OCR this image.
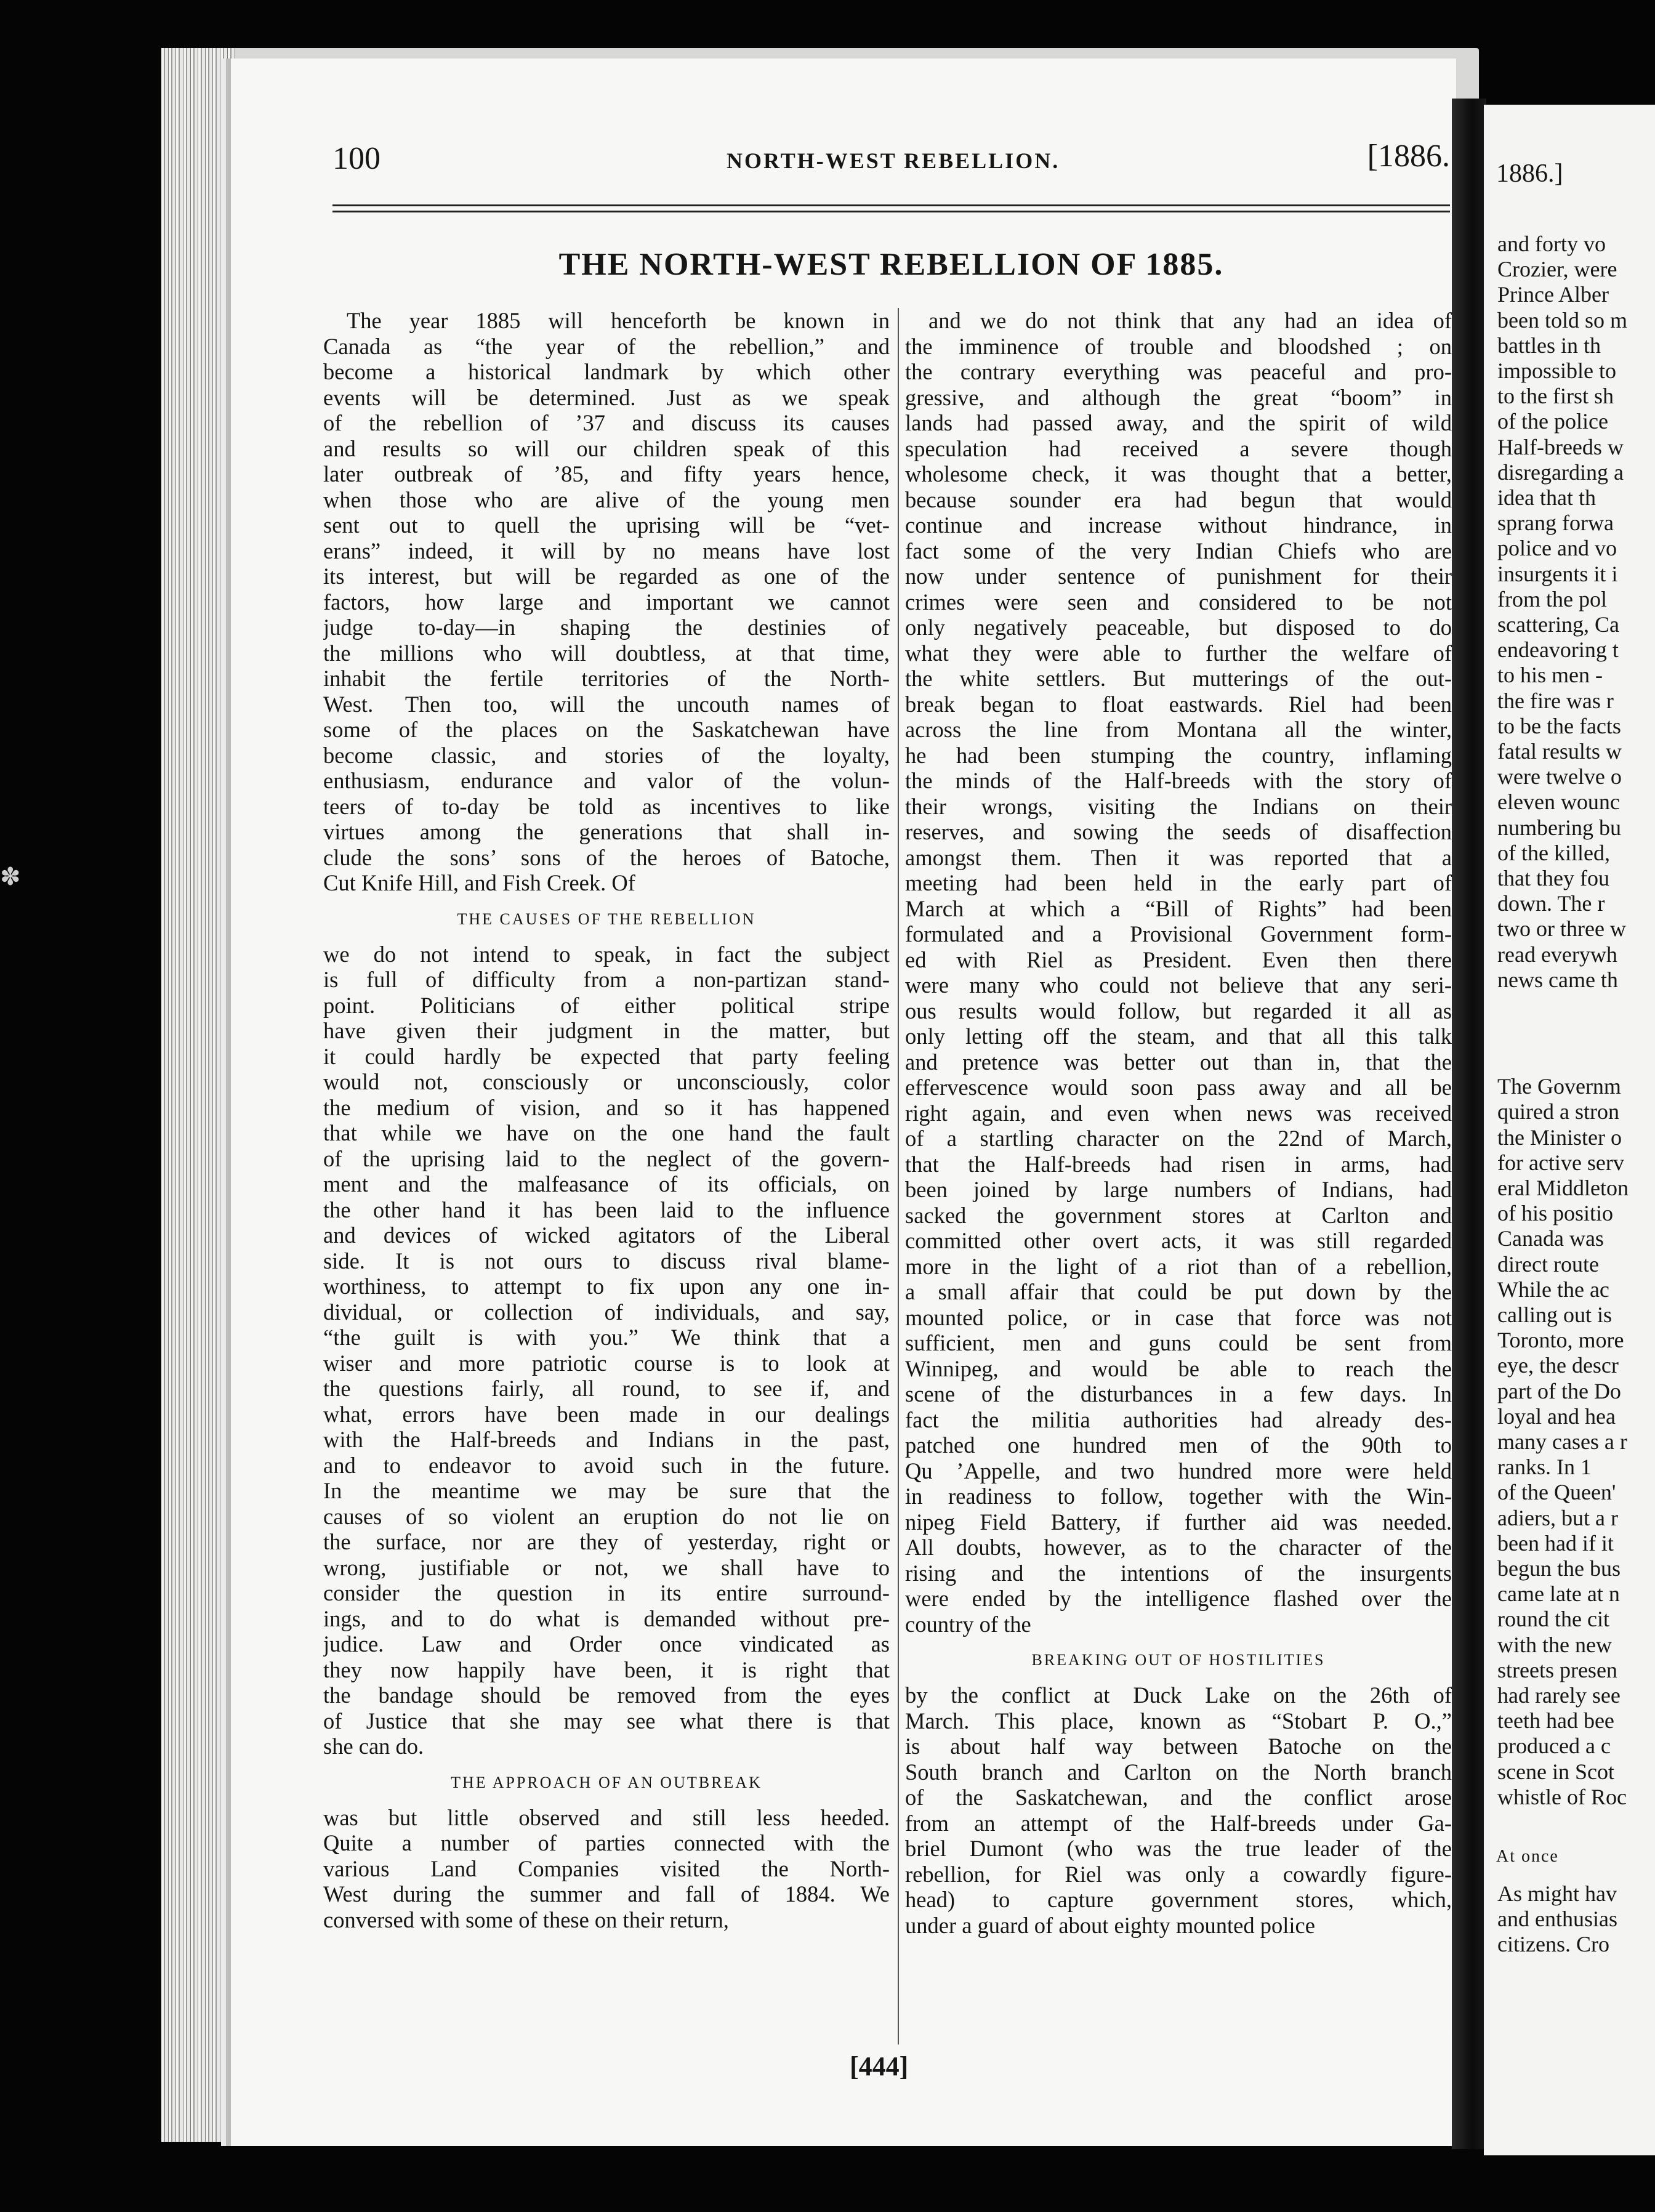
✽
100	NORTH-WEST REBELLION.	[1886.
THE NORTH-WEST REBELLION OF 1885.
The year 1885 will henceforth be known in
Canada as “the year of the rebellion,” and
become a historical landmark by which other
events will be determined. Just as we speak
of the rebellion of ’37 and discuss its causes
and results so will our children speak of this
later outbreak of ’85, and fifty years hence,
when those who are alive of the young men
sent out to quell the uprising will be “vet-
erans” indeed, it will by no means have lost
its interest, but will be regarded as one of the
factors, how large and important we cannot
judge to-day—in shaping the destinies of
the millions who will doubtless, at that time,
inhabit the fertile territories of the North-
West. Then too, will the uncouth names of
some of the places on the Saskatchewan have
become classic, and stories of the loyalty,
enthusiasm, endurance and valor of the volun-
teers of to-day be told as incentives to like
virtues among the generations that shall in-
clude the sons’ sons of the heroes of Batoche,
Cut Knife Hill, and Fish Creek. Of
THE CAUSES OF THE REBELLION
we do not intend to speak, in fact the subject
is full of difficulty from a non-partizan stand-
point. Politicians of either political stripe
have given their judgment in the matter, but
it could hardly be expected that party feeling
would not, consciously or unconsciously, color
the medium of vision, and so it has happened
that while we have on the one hand the fault
of the uprising laid to the neglect of the govern-
ment and the malfeasance of its officials, on
the other hand it has been laid to the influence
and devices of wicked agitators of the Liberal
side. It is not ours to discuss rival blame-
worthiness, to attempt to fix upon any one in-
dividual, or collection of individuals, and say,
“the guilt is with you.” We think that a
wiser and more patriotic course is to look at
the questions fairly, all round, to see if, and
what, errors have been made in our dealings
with the Half-breeds and Indians in the past,
and to endeavor to avoid such in the future.
In the meantime we may be sure that the
causes of so violent an eruption do not lie on
the surface, nor are they of yesterday, right or
wrong, justifiable or not, we shall have to
consider the question in its entire surround-
ings, and to do what is demanded without pre-
judice. Law and Order once vindicated as
they now happily have been, it is right that
the bandage should be removed from the eyes
of Justice that she may see what there is that
she can do.
THE APPROACH OF AN OUTBREAK
was but little observed and still less heeded.
Quite a number of parties connected with the
various Land Companies visited the North-
West during the summer and fall of 1884. We
conversed with some of these on their return,
and we do not think that any had an idea of
the imminence of trouble and bloodshed ; on
the contrary everything was peaceful and pro-
gressive, and although the great “boom” in
lands had passed away, and the spirit of wild
speculation had received a severe though
wholesome check, it was thought that a better,
because sounder era had begun that would
continue and increase without hindrance, in
fact some of the very Indian Chiefs who are
now under sentence of punishment for their
crimes were seen and considered to be not
only negatively peaceable, but disposed to do
what they were able to further the welfare of
the white settlers. But mutterings of the out-
break began to float eastwards. Riel had been
across the line from Montana all the winter,
he had been stumping the country, inflaming
the minds of the Half-breeds with the story of
their wrongs, visiting the Indians on their
reserves, and sowing the seeds of disaffection
amongst them. Then it was reported that a
meeting had been held in the early part of
March at which a “Bill of Rights” had been
formulated and a Provisional Government form-
ed with Riel as President. Even then there
were many who could not believe that any seri-
ous results would follow, but regarded it all as
only letting off the steam, and that all this talk
and pretence was better out than in, that the
effervescence would soon pass away and all be
right again, and even when news was received
of a startling character on the 22nd of March,
that the Half-breeds had risen in arms, had
been joined by large numbers of Indians, had
sacked the government stores at Carlton and
committed other overt acts, it was still regarded
more in the light of a riot than of a rebellion,
a small affair that could be put down by the
mounted police, or in case that force was not
sufficient, men and guns could be sent from
Winnipeg, and would be able to reach the
scene of the disturbances in a few days. In
fact the militia authorities had already des-
patched one hundred men of the 90th to
Qu ’Appelle, and two hundred more were held
in readiness to follow, together with the Win-
nipeg Field Battery, if further aid was needed.
All doubts, however, as to the character of the
rising and the intentions of the insurgents
were ended by the intelligence flashed over the
country of the
BREAKING OUT OF HOSTILITIES
by the conflict at Duck Lake on the 26th of
March. This place, known as “Stobart P. O.,”
is about half way between Batoche on the
South branch and Carlton on the North branch
of the Saskatchewan, and the conflict arose
from an attempt of the Half-breeds under Ga-
briel Dumont (who was the true leader of the
rebellion, for Riel was only a cowardly figure-
head) to capture government stores, which,
under a guard of about eighty mounted police
[444]
1886.]
and forty vo
Crozier, were
Prince Alber
been told so m
battles in th
impossible to
to the first sh
of the police
Half-breeds w
disregarding a
idea that th
sprang forwa
police and vo
insurgents it i
from the pol
scattering, Ca
endeavoring t
to his men -
the fire was r
to be the facts
fatal results w
were twelve o
eleven wounc
numbering bu
of the killed,
that they fou
down. The r
two or three w
read everywh
news came th
The Governm
quired a stron
the Minister o
for active serv
eral Middleton
of his positio
Canada was
direct route
While the ac
calling out is
Toronto, more
eye, the descr
part of the Do
loyal and hea
many cases a r
ranks. In 1
of the Queen'
adiers, but a r
been had if it
begun the bus
came late at n
round the cit
with the new
streets presen
had rarely see
teeth had bee
produced a c
scene in Scot
whistle of Roc
At once
As might hav
and enthusias
citizens. Cro
